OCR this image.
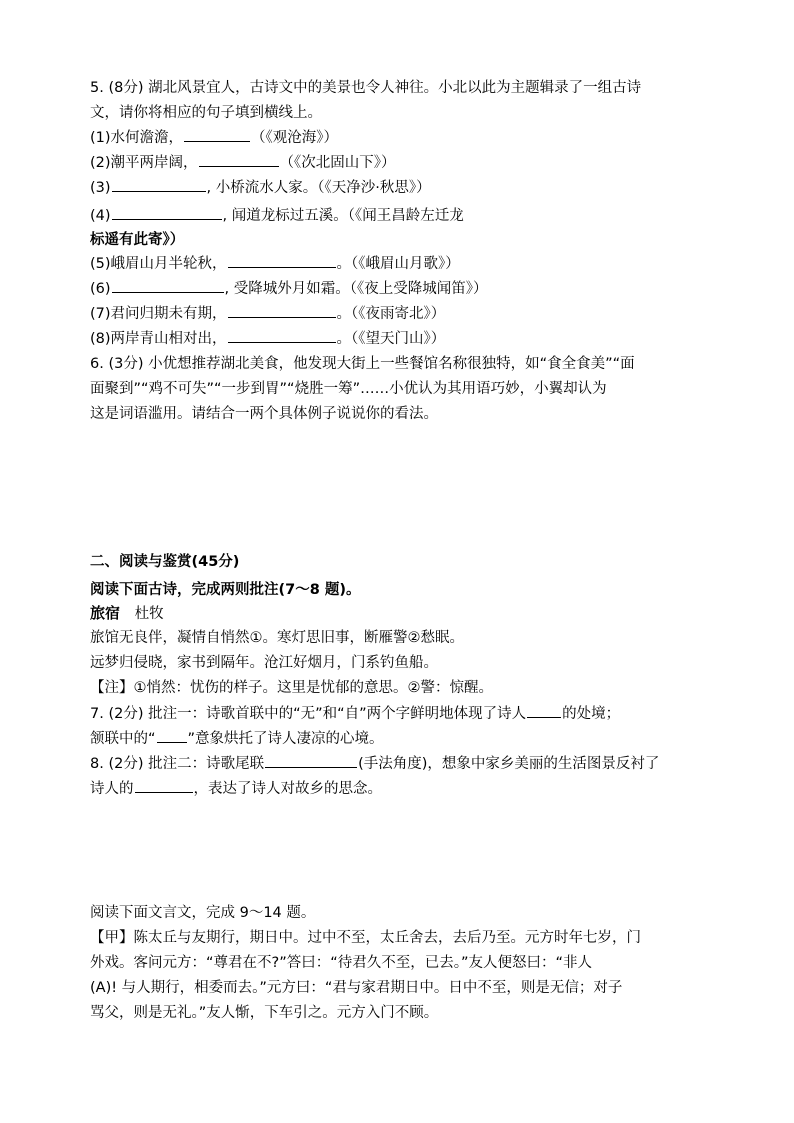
5. (8分) 湖北风景宜人，古诗文中的美景也令人神往。小北以此为主题辑录了一组古诗
文，请你将相应的句子填到横线上。
(1)水何澹澹，	（《观沧海》）
(2)潮平两岸阔，	（《次北固山下》）
(3)	, 小桥流水人家。（《天净沙·秋思》）
(4)	, 闻道龙标过五溪。（《闻王昌龄左迁龙
标遥有此寄》）
(5)峨眉山月半轮秋，	。（《峨眉山月歌》）
(6)	, 受降城外月如霜。（《夜上受降城闻笛》）
(7)君问归期未有期，	。（《夜雨寄北》）
(8)两岸青山相对出，	。（《望天门山》）
6. (3分) 小优想推荐湖北美食，他发现大街上一些餐馆名称很独特，如“食全食美”“面
面聚到”“鸡不可失”“一步到胃”“烧胜一筹”……小优认为其用语巧妙，小翼却认为
这是词语滥用。请结合一两个具体例子说说你的看法。
二、阅读与鉴赏(45分)
阅读下面古诗，完成两则批注(7～8 题)。
旅宿 杜牧
旅馆无良伴，凝情自悄然①。寒灯思旧事，断雁警②愁眠。
远梦归侵晓，家书到隔年。沧江好烟月，门系钓鱼船。
【注】①悄然：忧伤的样子。这里是忧郁的意思。②警：惊醒。
7. (2分) 批注一：诗歌首联中的“无”和“自”两个字鲜明地体现了诗人 的处境；
颔联中的“ ”意象烘托了诗人凄凉的心境。
8. (2分) 批注二：诗歌尾联	(手法角度)，想象中家乡美丽的生活图景反衬了
诗人的	，表达了诗人对故乡的思念。
阅读下面文言文，完成 9～14 题。
【甲】陈太丘与友期行，期日中。过中不至，太丘舍去，去后乃至。元方时年七岁，门
外戏。客问元方：“尊君在不?”答曰：“待君久不至，已去。”友人便怒曰：“非人
(A)! 与人期行，相委而去。”元方曰：“君与家君期日中。日中不至，则是无信；对子
骂父，则是无礼。”友人惭，下车引之。元方入门不顾。
